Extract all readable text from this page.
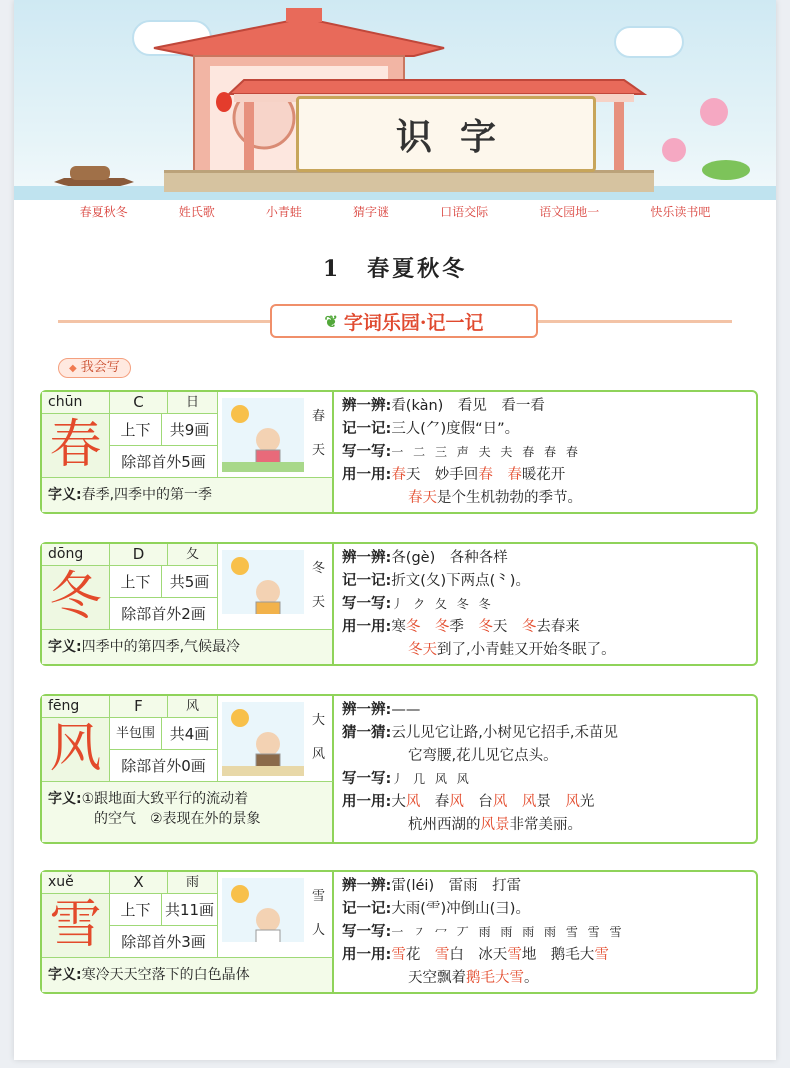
识字
春夏秋冬	姓氏歌	小青蛙	猜字谜	口语交际	语文园地一	快乐读书吧
1 春夏秋冬
❦ 字词乐园·记一记
◆ 我会写
chūn	C	日
春	上下	共9画
除部首外5画
春天
字义:春季,四季中的第一季
辨一辨:看(kàn)　看见　看一看
记一记:三人(⺈)度假“日”。
写一写:一 二 三 声 夫 夫 春 春 春
用一用:春天　妙手回春　 春暖花开
春天是个生机勃勃的季节。
dōng	D	夂
冬	上下	共5画
除部首外2画
冬天
字义:四季中的第四季,气候最冷
辨一辨:各(gè)　各种各样
记一记:折文(夂)下两点(⺀)。
写一写:丿 ク 夂 冬 冬
用一用:寒冬　 冬季　冬天　冬去春来
冬天到了,小青蛙又开始冬眠了。
fēng	F	风
风	半包围 共4画
除部首外0画
大风
字义:①跟地面大致平行的流动着
的空气　②表现在外的景象
辨一辨:——
猜一猜:云儿见它让路,小树见它招手,禾苗见
它弯腰,花儿见它点头。
写一写:丿 几 风 风
用一用:大风　春风　台风　 风景　风光
杭州西湖的风景非常美丽。
xuě	X	雨
雪	上下 共11画
除部首外3画
雪人
字义:寒冷天天空落下的白色晶体
辨一辨:雷(léi)　雷雨　打雷
记一记:大雨(⻗)冲倒山(彐)。
写一写:一 ㇇ 冖 丆 雨 雨 雨 雨 雪 雪 雪
用一用:雪花　雪白　冰天雪地　鹅毛大雪
天空飘着鹅毛大雪。
